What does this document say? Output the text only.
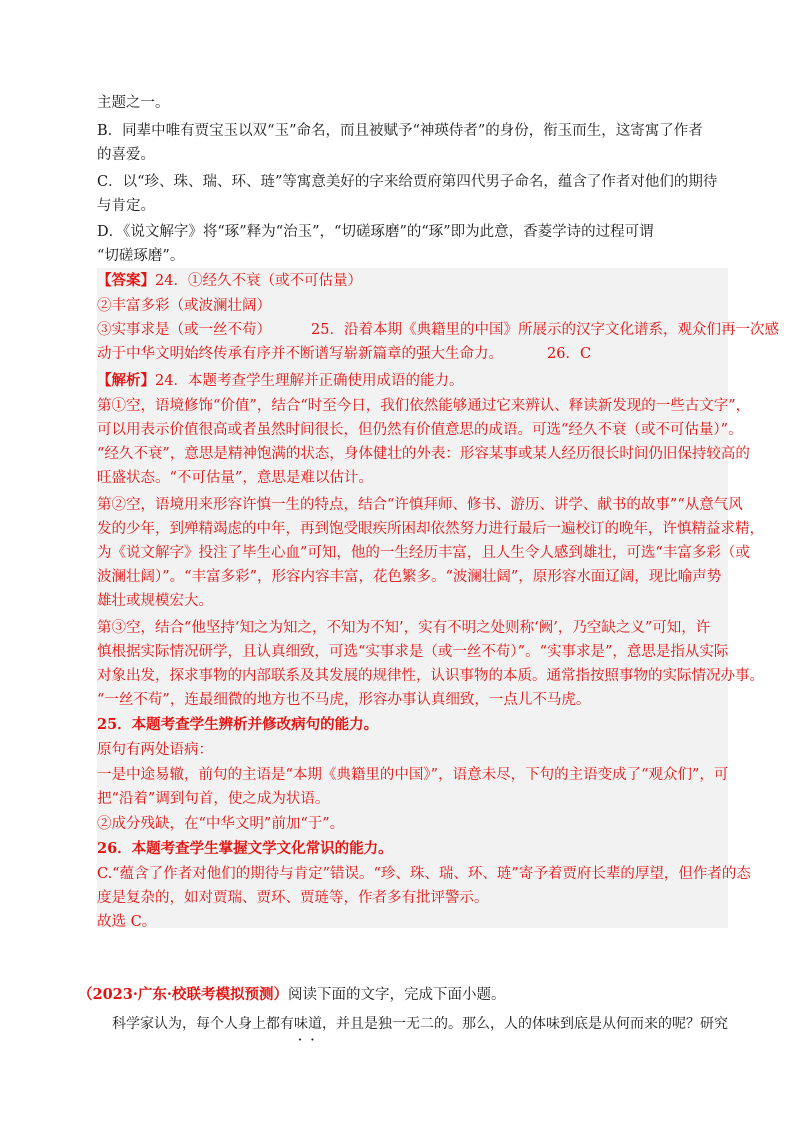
主题之一。
B．同辈中唯有贾宝玉以双“玉”命名，而且被赋予“神瑛侍者”的身份，衔玉而生，这寄寓了作者
的喜爱。
C．以“珍、珠、瑞、环、琏”等寓意美好的字来给贾府第四代男子命名，蕴含了作者对他们的期待
与肯定。
D．《说文解字》将“琢”释为“治玉”，“切磋琢磨”的“琢”即为此意，香菱学诗的过程可谓
“切磋琢磨”。
【答案】24．①经久不衰（或不可估量）
②丰富多彩（或波澜壮阔）
③实事求是（或一丝不苟）	25．沿着本期《典籍里的中国》所展示的汉字文化谱系，观众们再一次感
动于中华文明始终传承有序并不断谱写崭新篇章的强大生命力。	26．C
【解析】24．本题考查学生理解并正确使用成语的能力。
第①空，语境修饰“价值”，结合“时至今日，我们依然能够通过它来辨认、释读新发现的一些古文字”，
可以用表示价值很高或者虽然时间很长，但仍然有价值意思的成语。可选“经久不衰（或不可估量）”。
“经久不衰”，意思是精神饱满的状态，身体健壮的外表：形容某事或某人经历很长时间仍旧保持较高的
旺盛状态。“不可估量”，意思是难以估计。
第②空，语境用来形容许慎一生的特点，结合“许慎拜师、修书、游历、讲学、献书的故事”“从意气风
发的少年，到殚精竭虑的中年，再到饱受眼疾所困却依然努力进行最后一遍校订的晚年，许慎精益求精，
为《说文解字》投注了毕生心血”可知，他的一生经历丰富，且人生令人感到雄壮，可选“丰富多彩（或
波澜壮阔）”。“丰富多彩”，形容内容丰富，花色繁多。“波澜壮阔”，原形容水面辽阔，现比喻声势
雄壮或规模宏大。
第③空，结合“他坚持‘知之为知之，不知为不知’，实有不明之处则称‘阙’，乃空缺之义”可知，许
慎根据实际情况研学，且认真细致，可选“实事求是（或一丝不苟）”。“实事求是”，意思是指从实际
对象出发，探求事物的内部联系及其发展的规律性，认识事物的本质。通常指按照事物的实际情况办事。
“一丝不苟”，连最细微的地方也不马虎，形容办事认真细致，一点儿不马虎。
25．本题考查学生辨析并修改病句的能力。
原句有两处语病：
一是中途易辙，前句的主语是“本期《典籍里的中国》”，语意未尽，下句的主语变成了“观众们”，可
把“沿着”调到句首，使之成为状语。
②成分残缺，在“中华文明”前加“于”。
26．本题考查学生掌握文学文化常识的能力。
C.“蕴含了作者对他们的期待与肯定”错误。“珍、珠、瑞、环、琏”寄予着贾府长辈的厚望，但作者的态
度是复杂的，如对贾瑞、贾环、贾琏等，作者多有批评警示。
故选 C。
（2023·广东·校联考模拟预测）阅读下面的文字，完成下面小题。
科学家认为，每个人身上都有味道 • •，并且是独一无二的。那么，人的体味到底是从何而来的呢？研究
